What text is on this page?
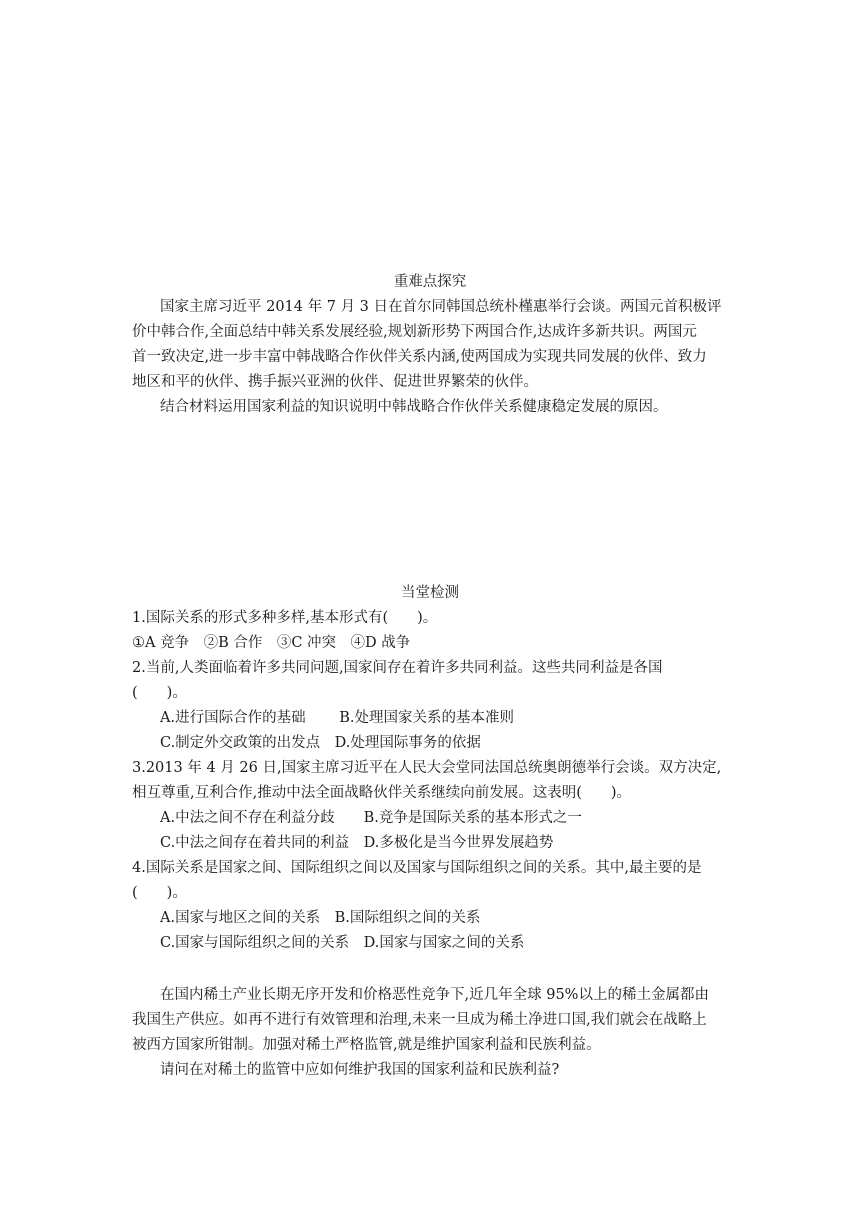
重难点探究
国家主席习近平 2014 年 7 月 3 日在首尔同韩国总统朴槿惠举行会谈。两国元首积极评
价中韩合作,全面总结中韩关系发展经验,规划新形势下两国合作,达成许多新共识。两国元
首一致决定,进一步丰富中韩战略合作伙伴关系内涵,使两国成为实现共同发展的伙伴、致力
地区和平的伙伴、携手振兴亚洲的伙伴、促进世界繁荣的伙伴。
结合材料运用国家利益的知识说明中韩战略合作伙伴关系健康稳定发展的原因。
当堂检测
1.国际关系的形式多种多样,基本形式有(　　)。
①A 竞争　②B 合作　③C 冲突　④D 战争
2.当前,人类面临着许多共同问题,国家间存在着许多共同利益。这些共同利益是各国
(　　)。
A.进行国际合作的基础　　 B.处理国家关系的基本准则
C.制定外交政策的出发点　D.处理国际事务的依据
3.2013 年 4 月 26 日,国家主席习近平在人民大会堂同法国总统奥朗德举行会谈。双方决定,
相互尊重,互利合作,推动中法全面战略伙伴关系继续向前发展。这表明(　　)。
A.中法之间不存在利益分歧　　B.竞争是国际关系的基本形式之一
C.中法之间存在着共同的利益　D.多极化是当今世界发展趋势
4.国际关系是国家之间、国际组织之间以及国家与国际组织之间的关系。其中,最主要的是
(　　)。
A.国家与地区之间的关系　B.国际组织之间的关系
C.国家与国际组织之间的关系　D.国家与国家之间的关系
在国内稀土产业长期无序开发和价格恶性竞争下,近几年全球 95%以上的稀土金属都由
我国生产供应。如再不进行有效管理和治理,未来一旦成为稀土净进口国,我们就会在战略上
被西方国家所钳制。加强对稀土严格监管,就是维护国家利益和民族利益。
请问在对稀土的监管中应如何维护我国的国家利益和民族利益?
